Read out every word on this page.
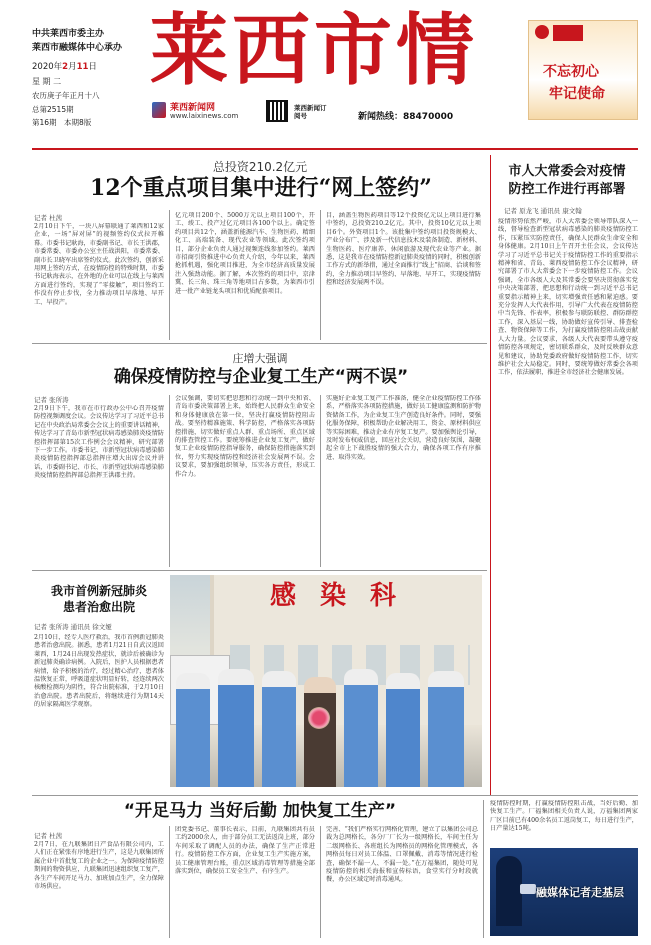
中共莱西市委主办
莱西市融媒体中心承办
2020年2月11日
星 期 二
农历庚子年正月十八
总第2515期
第16期　本期8版
莱西市情
莱西新闻网
www.laixinews.com
莱西新闻订阅号	新闻热线：88470000
不忘初心
牢记使命
总投资210.2亿元
12个重点项目集中进行“网上签约”
记者 杜茜
2月10日下午，一块八屏幕联通了莱西和12家企业，一场“屏对屏”的视频签约仪式拉开帷幕。市委书记耿海，市委副书记、市长王洪郡，市委常委、市委办公室主任战洪阳，市委常委、副市长卫晓军出席签约仪式。此次签约，创新采用网上签约方式，在疫情防控的特殊时期，市委书记耿海表示，在外地的企业可以在线上与莱西方面进行签约，实现了“零接触”，项目签约工作没有停止步伐，全力推动项目早落地、早开工、早投产。
亿元项目200个、5000万元以上项目100个，开工、竣工、投产过亿元项目各100个以上。确定签约项目共12个，涵盖新能源汽车、生物医药、精细化工、高端装备、现代农业等领域。此次签约项目，部分企业负责人通过视频连线参加签约。莱西市招商引资推进中心负责人介绍，今年以来，莱西抢抓机遇，强化项目推进，为全市经济高质量发展注入强劲动能。据了解，本次签约的项目中，京津冀、长三角、珠三角等地项目占多数，为莱西市引进一批产业链龙头项目和优质配套项目。
目，涵盖生物医药项目等12个投资亿元以上项目进行集中签约，总投资210.2亿元。其中，投资10亿元以上项目6个。外资项目1个。该批集中签约项目投资规模大、产业分布广、涉及新一代信息技术及装备制造、新材料、生物医药、医疗康养、休闲旅游及现代农业等产业。据悉，这是我市在疫情防控新冠肺炎疫情的同时，积极创新工作方式的新举措，通过全面推行“线上”招商、洽谈和签约，全力推动项目早签约、早落地、早开工，实现疫情防控和经济发展两不误。
市人大常委会对疫情
防控工作进行再部署
记者 原龙飞 通讯员 康文翰
疫情形势依然严峻，市人大常委会领导带队深入一线，督导检查新型冠状病毒感染的肺炎疫情防控工作，压紧压实防控责任，确保人民群众生命安全和身体健康。2月10日上午召开主任会议，会议传达学习了习近平总书记关于疫情防控工作的重要指示精神和省、青岛、莱西疫情防控工作会议精神，研究部署了市人大常委会下一步疫情防控工作。会议强调，全市各级人大及其常委会要坚决贯彻落实党中央决策部署，把思想和行动统一到习近平总书记重要指示精神上来，切实增强责任感和紧迫感。要充分发挥人大代表作用，引导广大代表在疫情防控中当先锋、作表率，积极参与联防联控、群防群控工作，深入基层一线，协助做好宣传引导、排查检查、物资保障等工作，为打赢疫情防控阻击战贡献人大力量。会议要求，各级人大代表要带头遵守疫情防控各项规定，密切联系群众，及时反映群众意见和建议，协助党委政府做好疫情防控工作，切实维护社会大局稳定。同时，要统筹做好常委会各项工作，依法履职，推进全市经济社会健康发展。
庄增大强调
确保疫情防控与企业复工生产“两不误”
记者 张所涛
2月9日下午，我市在市行政办公中心召开疫情防控视频调度会议。会议传达学习了习近平总书记在中央政治局常委会会议上的重要讲话精神，传达学习了青岛市新型冠状病毒感染肺炎疫情防控指挥部第15次工作例会会议精神，研究部署下一步工作。市委书记、市新型冠状病毒感染肺炎疫情防控指挥部总指挥庄增大出席会议并讲话，市委副书记、市长、市新型冠状病毒感染肺炎疫情防控指挥部总指挥王洪郡主持。
会议强调，要切实把思想和行动统一到中央和省、青岛市委决策部署上来，始终把人民群众生命安全和身体健康放在第一位，坚决打赢疫情防控阻击战。要坚持精准施策、科学防控，严格落实各项防控措施，切实做好重点人群、重点场所、重点区域的排查管控工作。要统筹推进企业复工复产，做好复工企业疫情防控指导服务，确保防控措施落实到位，努力实现疫情防控和经济社会发展两不误。会议要求，要加强组织领导，压实各方责任，形成工作合力。
实施好企业复工复产工作准备，健全企业疫情防控工作体系，严格落实各项防控措施，做好员工健康监测和防护物资储备工作，为企业复工生产创造良好条件。同时，要强化服务保障，积极帮助企业解决用工、资金、原材料供应等实际困难，推动企业有序复工复产。要加强舆论引导，及时发布权威信息，回应社会关切，营造良好氛围，凝聚起全市上下战胜疫情的强大合力，确保各项工作有序推进、取得实效。
我市首例新冠肺炎
患者治愈出院
记者 张所涛 通讯员 徐文娅
2月10日，经专人医疗救治，我市首例新冠肺炎患者治愈出院。据悉，患者1月21日自武汉返回莱西，1月24日出现发热症状，就诊后被确诊为新冠肺炎确诊病例。入院后，医护人员根据患者病情，给予积极的治疗，经过精心治疗，患者体温恢复正常，呼吸道症状明显好转，经连续两次核酸检测均为阴性，符合出院标准，于2月10日治愈出院。患者出院后，将继续进行为期14天的居家隔离医学观察。
感染科
“开足马力 当好后勤 加快复工生产”
记者 杜茜
2月7日，在九联集团日产食品有限公司内，工人们正在紧张有序地进行生产，这是九联集团所属企业中首批复工的企业之一。为保障疫情防控期间的物资供应，九联集团迅速组织复工复产，各生产车间开足马力、加班加点生产，全力保障市场供应。
团党委书记、董事长表示，目前，九联集团共有员工约2000余人，由于部分员工无法返岗上班，部分车间采取了调配人员的办法，确保了生产正常进行。疫情防控工作方面，企业复工生产实施方案，员工健康管理台账，重点区域消毒管理等措施全部落实到位，确保员工安全生产、有序生产。
完善、“我们严格实行网格化管理，建立了以集团公司总裁为总网格长，各分厂厂长为一级网格长，车间主任为二级网格长、各班组长为网格员的网格化管理模式，各网格员每日对员工体温、口罩佩戴、消毒等情况进行检查，确保不漏一人、不漏一处。”在万福集团，随处可见疫情防控的相关海报和宣传标语，食堂实行分时段就餐，办公区域定时消毒通风。
疫情防控时期，打赢疫情防控阻击战，当好后勤、加快复工生产。厂福集团相关负责人说，万福集团两家厂区目前已有400余名员工返岗复工，每日进行生产，日产量达15吨。
融媒体记者走基层
